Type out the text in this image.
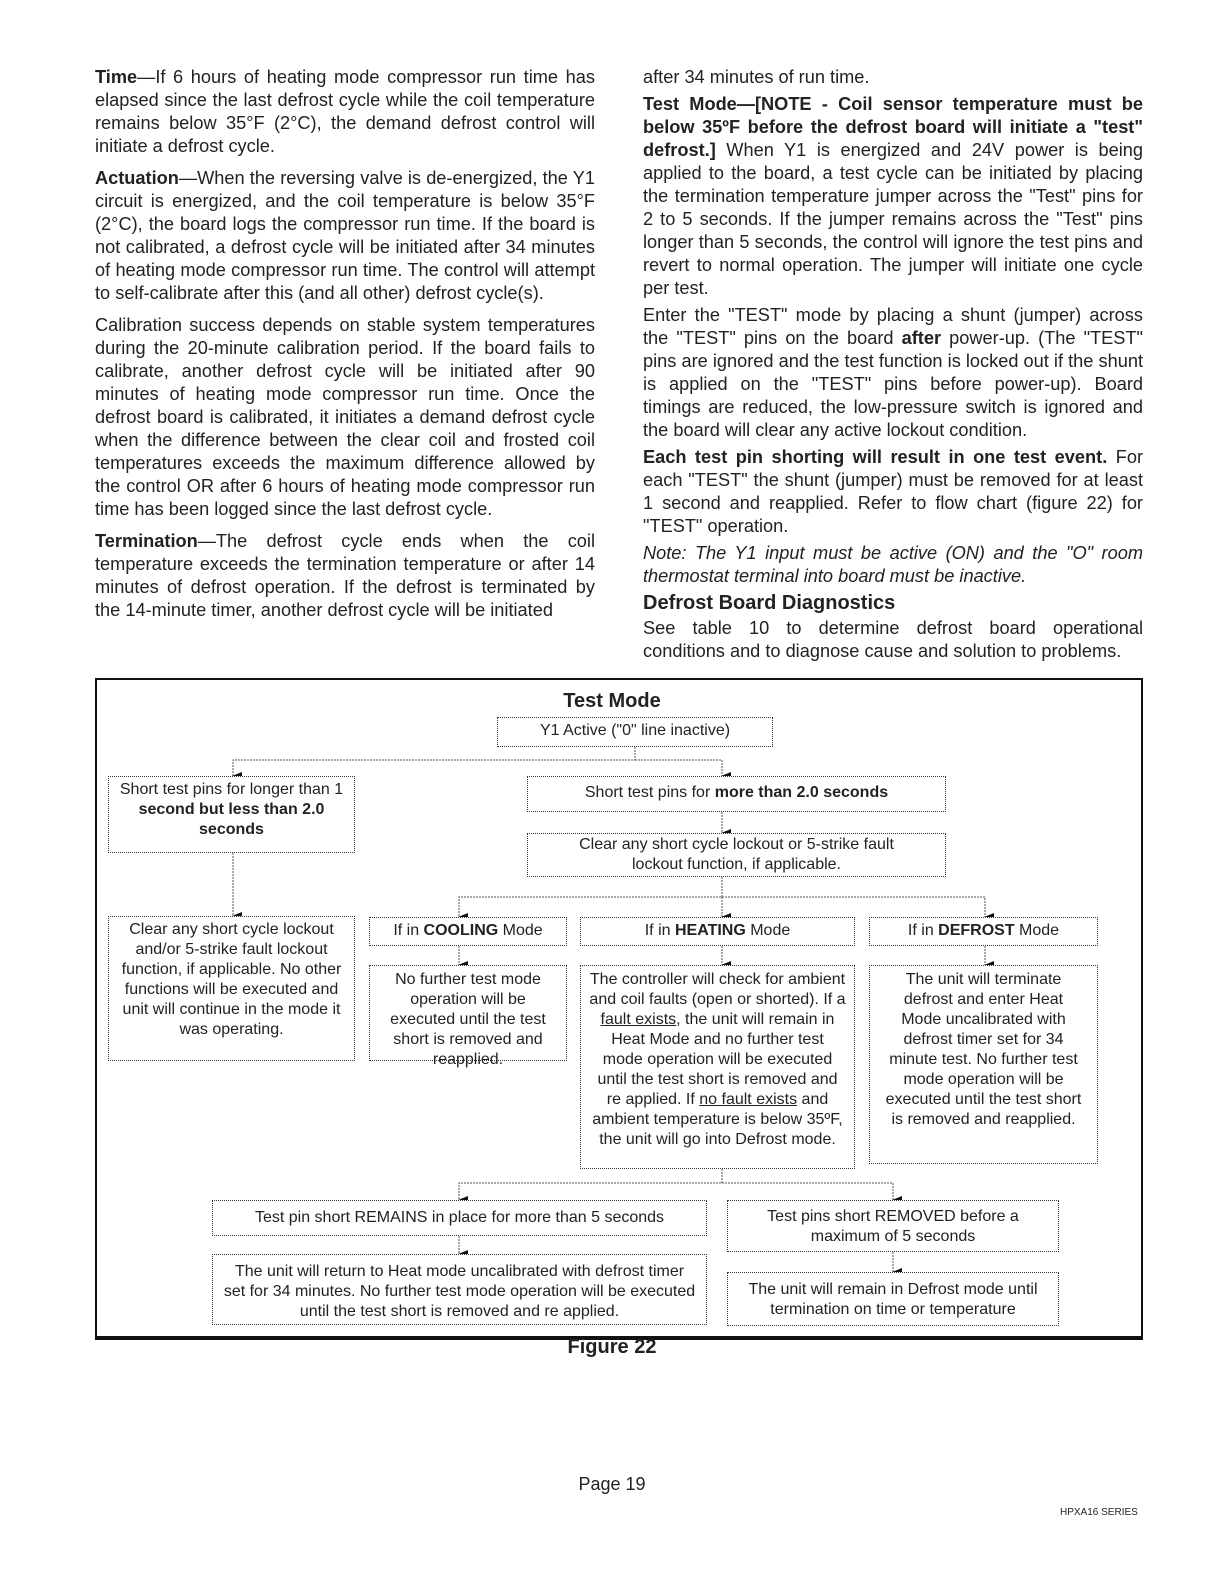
Time—If 6 hours of heating mode compressor run time has elapsed since the last defrost cycle while the coil temperature remains below 35°F (2°C), the demand defrost control will initiate a defrost cycle.

Actuation—When the reversing valve is de-energized, the Y1 circuit is energized, and the coil temperature is below 35°F (2°C), the board logs the compressor run time. If the board is not calibrated, a defrost cycle will be initiated after 34 minutes of heating mode compressor run time. The control will attempt to self-calibrate after this (and all other) defrost cycle(s).

Calibration success depends on stable system temperatures during the 20-minute calibration period. If the board fails to calibrate, another defrost cycle will be initiated after 90 minutes of heating mode compressor run time. Once the defrost board is calibrated, it initiates a demand defrost cycle when the difference between the clear coil and frosted coil temperatures exceeds the maximum difference allowed by the control OR after 6 hours of heating mode compressor run time has been logged since the last defrost cycle.

Termination—The defrost cycle ends when the coil temperature exceeds the termination temperature or after 14 minutes of defrost operation. If the defrost is terminated by the 14-minute timer, another defrost cycle will be initiated

after 34 minutes of run time.

Test Mode—[NOTE - Coil sensor temperature must be below 35ºF before the defrost board will initiate a "test" defrost.] When Y1 is energized and 24V power is being applied to the board, a test cycle can be initiated by placing the termination temperature jumper across the "Test" pins for 2 to 5 seconds. If the jumper remains across the "Test" pins longer than 5 seconds, the control will ignore the test pins and revert to normal operation. The jumper will initiate one cycle per test.

Enter the "TEST" mode by placing a shunt (jumper) across the "TEST" pins on the board after power-up. (The "TEST" pins are ignored and the test function is locked out if the shunt is applied on the "TEST" pins before power-up). Board timings are reduced, the low-pressure switch is ignored and the board will clear any active lockout condition.

Each test pin shorting will result in one test event. For each "TEST" the shunt (jumper) must be removed for at least 1 second and reapplied. Refer to flow chart (figure 22) for "TEST" operation.

Note: The Y1 input must be active (ON) and the "O" room thermostat terminal into board must be inactive.

Defrost Board Diagnostics

See table 10 to determine defrost board operational conditions and to diagnose cause and solution to problems.

Test Mode
Y1 Active ("0" line inactive)
Short test pins for longer than 1 second but less than 2.0 seconds
Short test pins for more than 2.0 seconds
Clear any short cycle lockout or 5-strike fault lockout function, if applicable.
Clear any short cycle lockout and/or 5-strike fault lockout function, if applicable. No other functions will be executed and unit will continue in the mode it was operating.
If in COOLING Mode	If in HEATING Mode	If in DEFROST Mode
No further test mode operation will be executed until the test short is removed and reapplied.
The controller will check for ambient and coil faults (open or shorted). If a fault exists, the unit will remain in Heat Mode and no further test mode operation will be executed until the test short is removed and re applied. If no fault exists and ambient temperature is below 35ºF, the unit will go into Defrost mode.
The unit will terminate defrost and enter Heat Mode uncalibrated with defrost timer set for 34 minute test. No further test mode operation will be executed until the test short is removed and reapplied.
Test pin short REMAINS in place for more than 5 seconds	Test pins short REMOVED before a maximum of 5 seconds
The unit will return to Heat mode uncalibrated with defrost timer set for 34 minutes. No further test mode operation will be executed until the test short is removed and re applied.
The unit will remain in Defrost mode until termination on time or temperature
Figure 22
Page 19
HPXA16 SERIES
